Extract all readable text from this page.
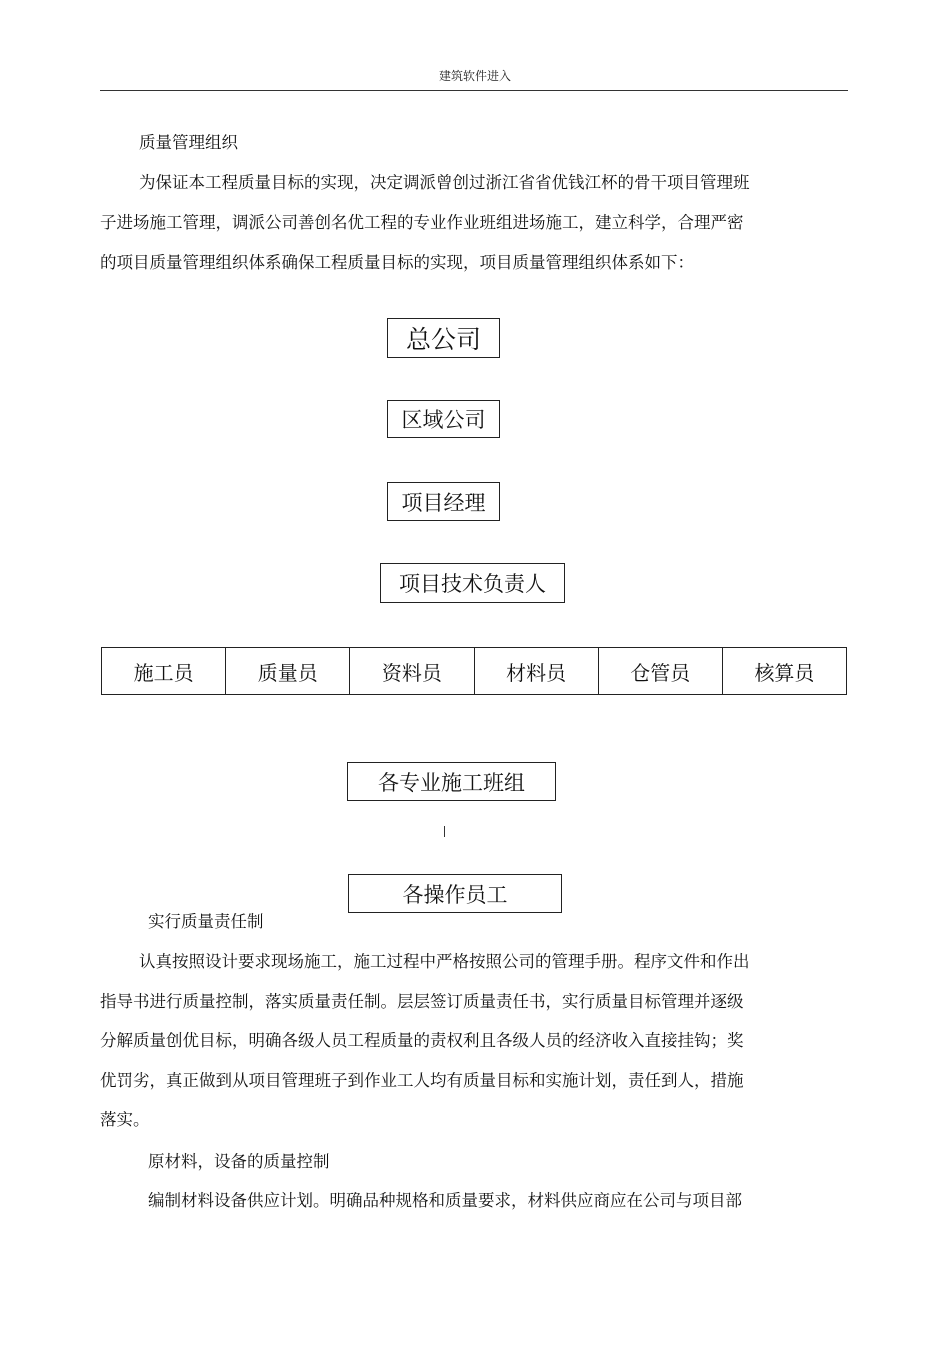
建筑软件进入
质量管理组织
为保证本工程质量目标的实现，决定调派曾创过浙江省省优钱江杯的骨干项目管理班
子进场施工管理，调派公司善创名优工程的专业作业班组进场施工，建立科学，合理严密
的项目质量管理组织体系确保工程质量目标的实现，项目质量管理组织体系如下：
总公司
区域公司
项目经理
项目技术负责人
施工员	质量员	资料员	材料员	仓管员	核算员
各专业施工班组
各操作员工
实行质量责任制
认真按照设计要求现场施工，施工过程中严格按照公司的管理手册。程序文件和作出
指导书进行质量控制，落实质量责任制。层层签订质量责任书，实行质量目标管理并逐级
分解质量创优目标，明确各级人员工程质量的责权利且各级人员的经济收入直接挂钩；奖
优罚劣，真正做到从项目管理班子到作业工人均有质量目标和实施计划，责任到人，措施
落实。
原材料，设备的质量控制
编制材料设备供应计划。明确品种规格和质量要求，材料供应商应在公司与项目部
